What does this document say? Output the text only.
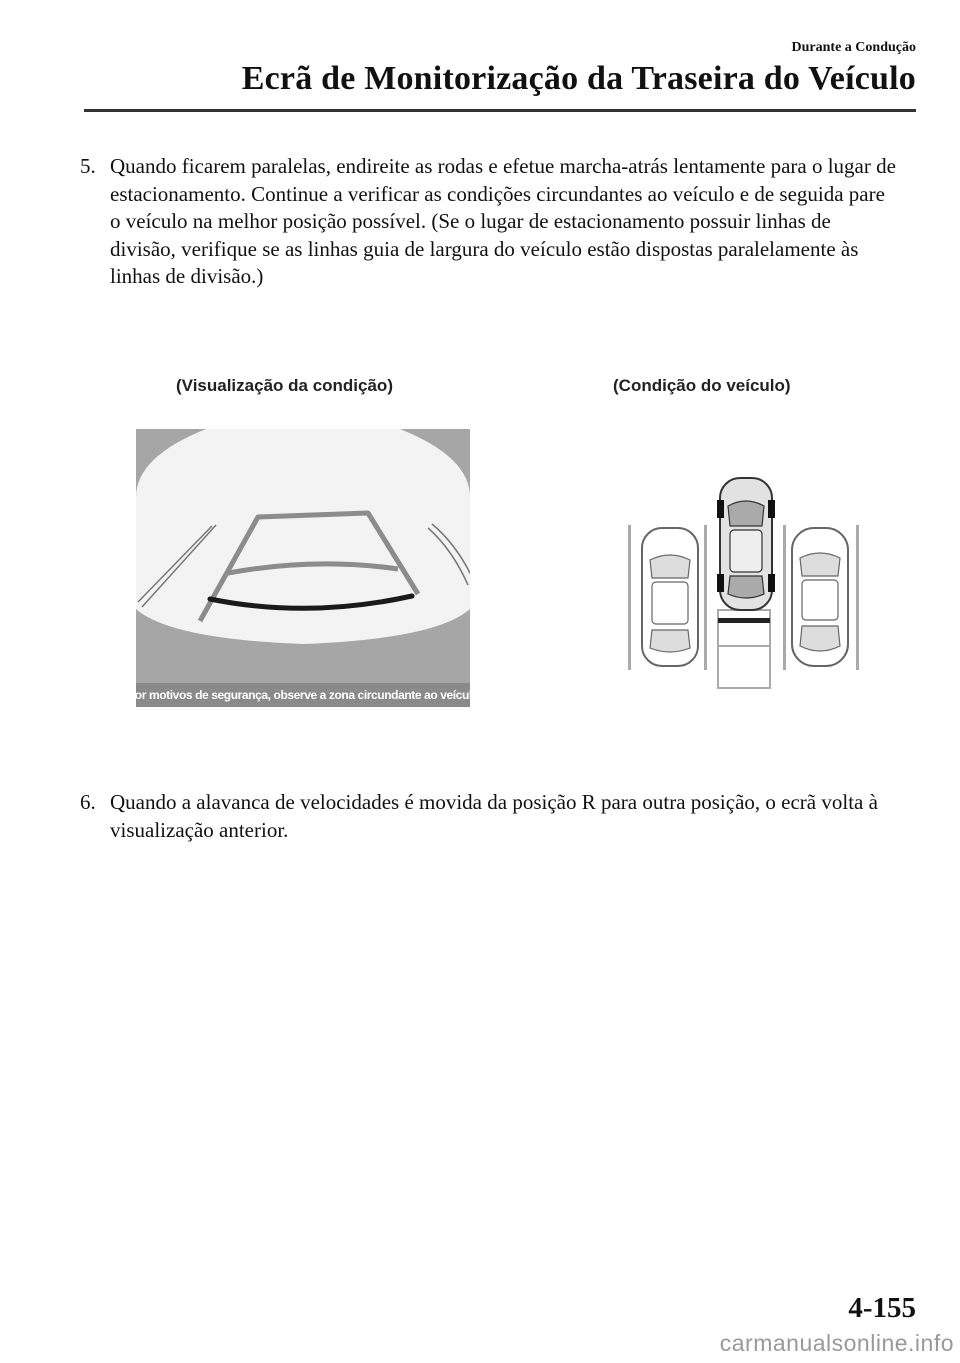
Durante a Condução
Ecrã de Monitorização da Traseira do Veículo
5. Quando ficarem paralelas, endireite as rodas e efetue marcha-atrás lentamente para o lugar de estacionamento. Continue a verificar as condições circundantes ao veículo e de seguida pare o veículo na melhor posição possível. (Se o lugar de estacionamento possuir linhas de divisão, verifique se as linhas guia de largura do veículo estão dispostas paralelamente às linhas de divisão.)
(Visualização da condição)	(Condição do veículo)
Por motivos de segurança, observe a zona circundante ao veículo
6. Quando a alavanca de velocidades é movida da posição R para outra posição, o ecrã volta à visualização anterior.
4-155
carmanualsonline.info
